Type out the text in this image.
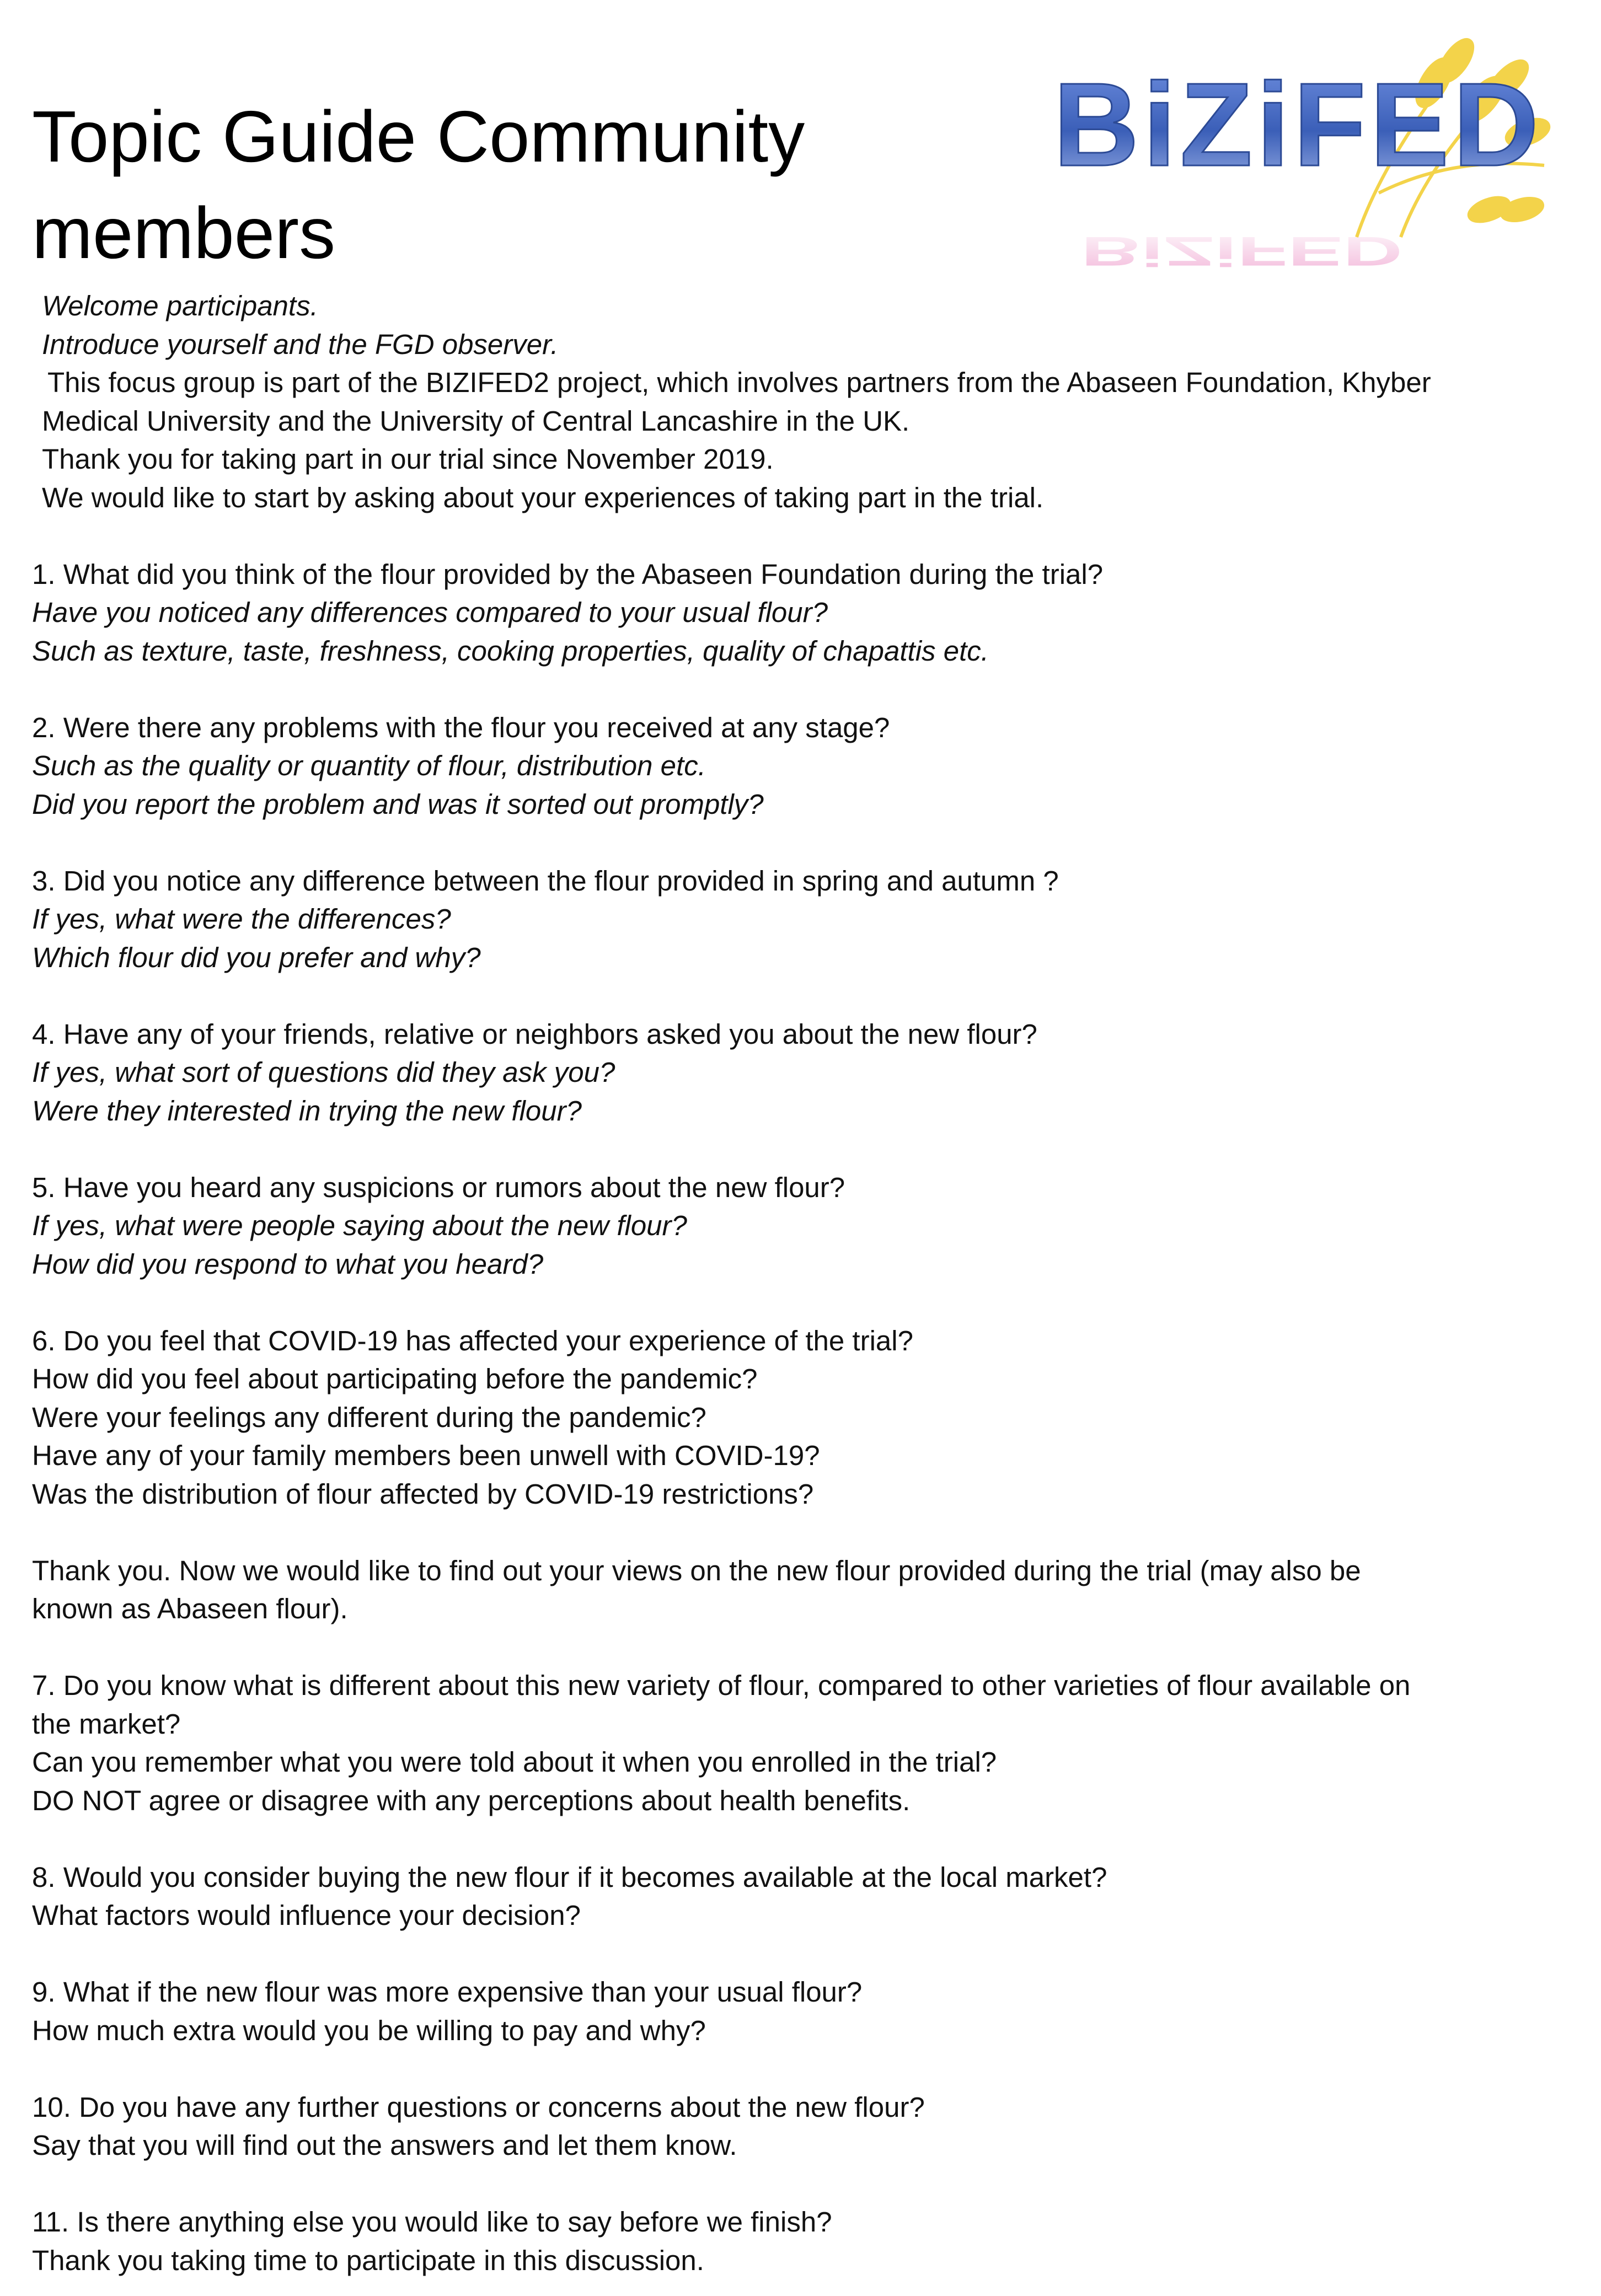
Topic Guide Community
members	BiZiFED
BiZiFED

Welcome participants.

Introduce yourself and the FGD observer.

This focus group is part of the BIZIFED2 project, which involves partners from the Abaseen Foundation, Khyber

Medical University and the University of Central Lancashire in the UK.

Thank you for taking part in our trial since November 2019.

We would like to start by asking about your experiences of taking part in the trial.

1. What did you think of the flour provided by the Abaseen Foundation during the trial?

Have you noticed any differences compared to your usual flour?

Such as texture, taste, freshness, cooking properties, quality of chapattis etc.

2. Were there any problems with the flour you received at any stage?

Such as the quality or quantity of flour, distribution etc.

Did you report the problem and was it sorted out promptly?

3. Did you notice any difference between the flour provided in spring and autumn ?

If yes, what were the differences?

Which flour did you prefer and why?

4. Have any of your friends, relative or neighbors asked you about the new flour?

If yes, what sort of questions did they ask you?

Were they interested in trying the new flour?

5. Have you heard any suspicions or rumors about the new flour?

If yes, what were people saying about the new flour?

How did you respond to what you heard?

6. Do you feel that COVID-19 has affected your experience of the trial?

How did you feel about participating before the pandemic?

Were your feelings any different during the pandemic?

Have any of your family members been unwell with COVID-19?

Was the distribution of flour affected by COVID-19 restrictions?

Thank you. Now we would like to find out your views on the new flour provided during the trial (may also be

known as Abaseen flour).

7. Do you know what is different about this new variety of flour, compared to other varieties of flour available on

the market?

Can you remember what you were told about it when you enrolled in the trial?

DO NOT agree or disagree with any perceptions about health benefits.

8. Would you consider buying the new flour if it becomes available at the local market?

What factors would influence your decision?

9. What if the new flour was more expensive than your usual flour?

How much extra would you be willing to pay and why?

10. Do you have any further questions or concerns about the new flour?

Say that you will find out the answers and let them know.

11. Is there anything else you would like to say before we finish?

Thank you taking time to participate in this discussion.
